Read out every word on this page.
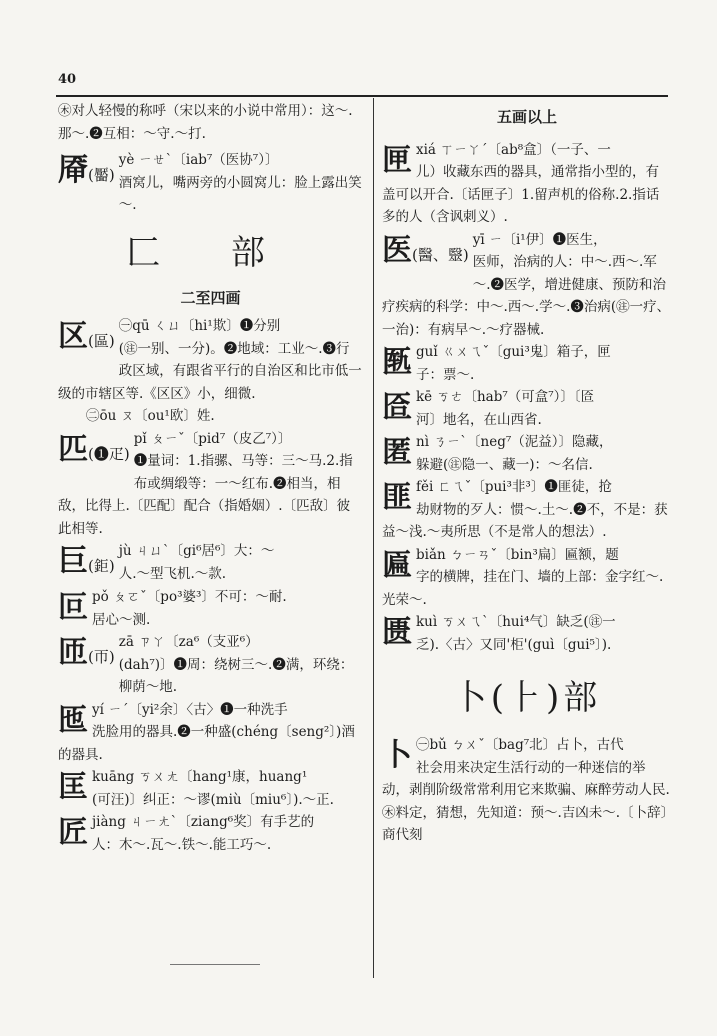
40
㊍对人轻慢的称呼（宋以来的小说中常用）：这～.那～.❷互相：～守.～打.
厣(靨)
yè ㄧㄝˋ〔iab⁷（医协⁷）〕
酒窝儿，嘴两旁的小圆窝儿：脸上露出笑～.
匚 部
二至四画
区(區)
㊀qū ㄑㄩ〔hi¹欺〕❶分别
(㊟一别、一分)。❷地域：工业～.❸行政区域，有跟省平行的自治区和比市低一级的市辖区等.《区区》小，细微.
㊁ōu ㄡ〔ou¹欧〕姓.
匹(❶疋)
pǐ ㄆㄧˇ〔pid⁷（皮乙⁷）〕
❶量词：1.指骡、马等：三～马.2.指布或绸缎等：一～红布.❷相当，相敌，比得上.〔匹配〕配合（指婚姻）.〔匹敌〕彼此相等.
巨(鉅)
jù ㄐㄩˋ〔gi⁶居⁶〕大：～
人.～型飞机.～款.
叵 pǒ ㄆㄛˇ〔po³婆³〕不可：～耐.
居心～测.
匝(帀)
zā ㄗㄚ〔za⁶（支亚⁶）
(dah⁷)〕❶周：绕树三～.❷满，环绕：柳荫～地.
匜 yí ㄧˊ〔yi²余〕〈古〉❶一种洗手
洗脸用的器具.❷一种盛(chéng〔seng²〕)酒的器具.
匡 kuāng ㄎㄨㄤ〔hang¹康，huang¹
(可汪)〕纠正：～谬(miù〔miu⁶〕).～正.
匠 jiàng ㄐㄧㄤˋ〔ziang⁶奖〕有手艺的
人：木～.瓦～.铁～.能工巧～.
五画以上
匣 xiá ㄒㄧㄚˊ〔ab⁸盒〕（一子、一
儿）收藏东西的器具，通常指小型的，有盖可以开合.〔话匣子〕1.留声机的俗称.2.指话多的人（含讽刺义）.
医(醫、毉)
yī ㄧ〔i¹伊〕❶医生，
医师，治病的人：中～.西～.军～.❷医学，增进健康、预防和治疗疾病的科学：中～.西～.学～.❸治病(㊟一疗、一治)：有病早～.～疗器械.
匦 guǐ ㄍㄨㄟˇ〔gui³鬼〕箱子，匣
子：票～.
匼 kē ㄎㄜ〔hab⁷（可盒⁷）〕〔匼
河〕地名，在山西省.
匿 nì ㄋㄧˋ〔neg⁷（泥益）〕隐藏，
躲避(㊟隐一、藏一)：～名信.
匪 fěi ㄈㄟˇ〔pui³非³〕❶匪徒，抢
劫财物的歹人：惯～.土～.❷不，不是：获益～浅.～夷所思（不是常人的想法）.
匾 biǎn ㄅㄧㄢˇ〔bin³扁〕匾额，题
字的横牌，挂在门、墙的上部：金字红～.光荣～.
匮 kuì ㄎㄨㄟˋ〔hui⁴气〕缺乏(㊟一
乏).〈古〉又同'柜'(guì〔gui⁵〕).
卜(⺊)部
卜 ㊀bǔ ㄅㄨˇ〔bag⁷北〕占卜，古代
社会用来决定生活行动的一种迷信的举动，剥削阶级常常利用它来欺骗、麻醉劳动人民.㊍料定，猜想，先知道：预～.吉凶未～.〔卜辞〕商代刻
